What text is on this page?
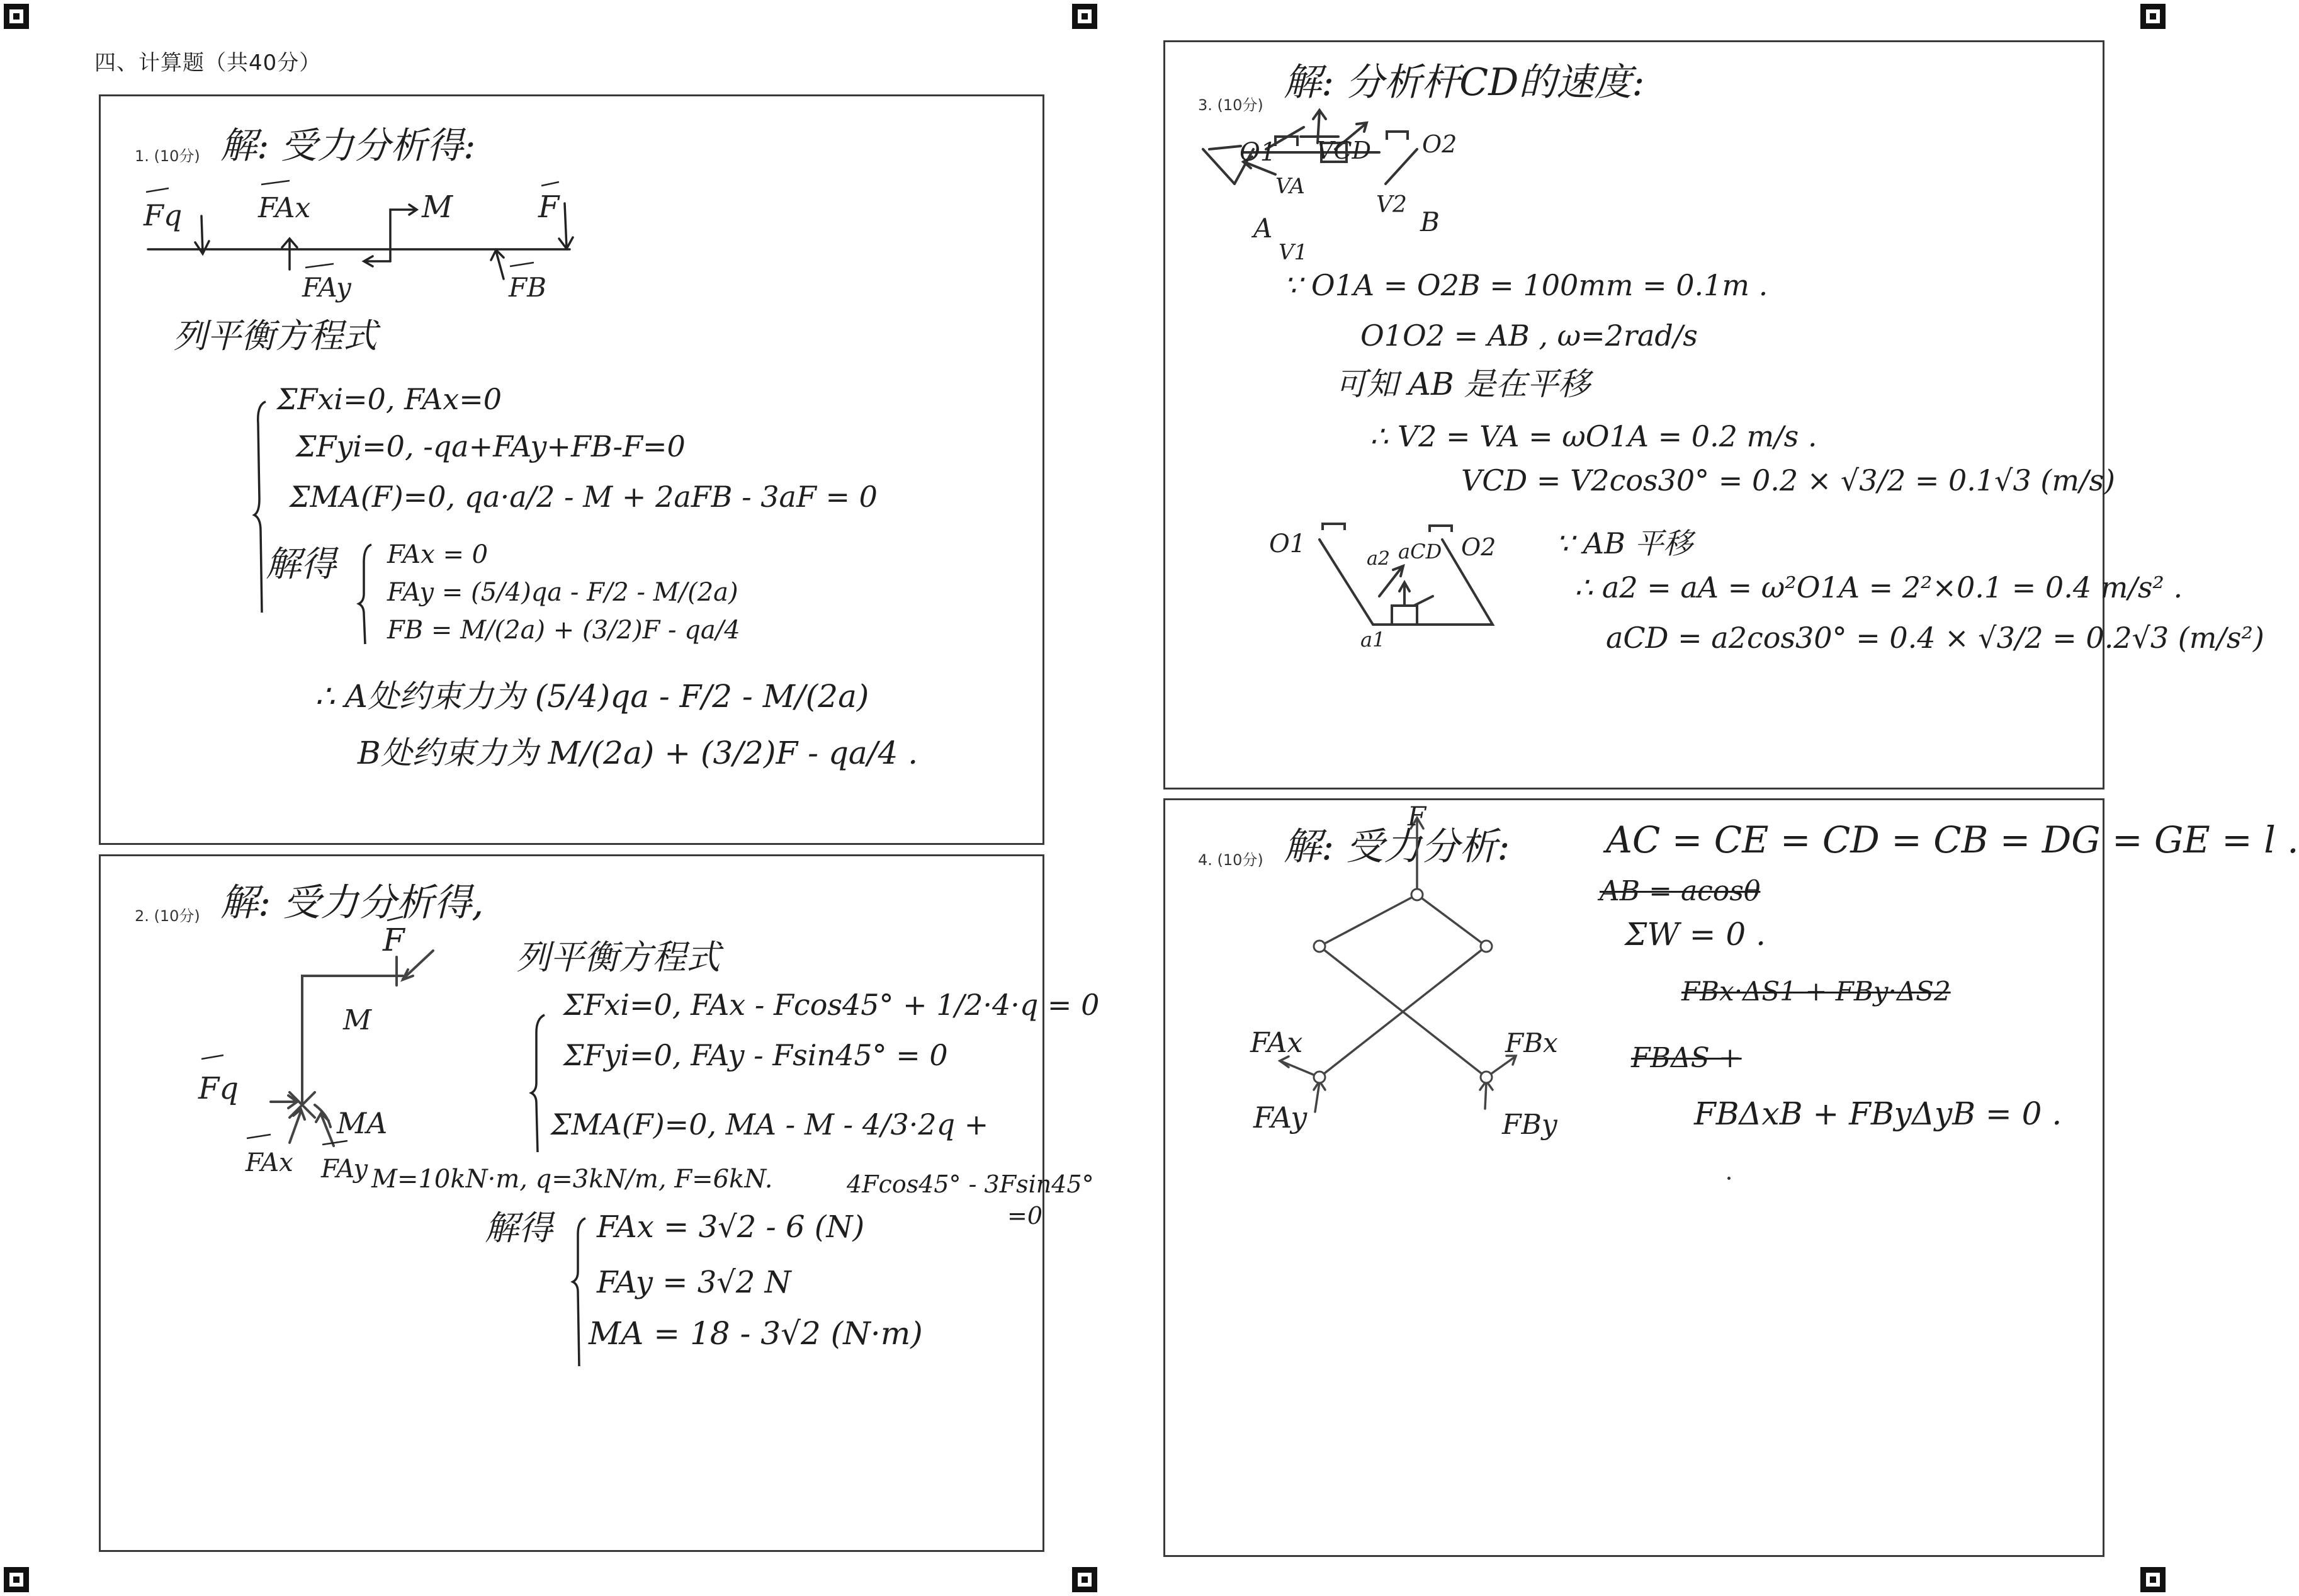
四、计算题（共40分）
1. (10分) 解: 受力分析得:
Fq	FAx	M	F
FAy	FB
列平衡方程式
ΣFxi=0, FAx=0
ΣFyi=0, -qa+FAy+FB-F=0
ΣMA(F)=0, qa·a/2 - M + 2aFB - 3aF = 0
解得 FAx = 0
FAy = (5/4)qa - F/2 - M/(2a)
FB = M/(2a) + (3/2)F - qa/4
∴ A处约束力为 (5/4)qa - F/2 - M/(2a)
B处约束力为 M/(2a) + (3/2)F - qa/4 .
2. (10分) 解: 受力分析得,
F
M
Fq
MA
FAx FAy
列平衡方程式
ΣFxi=0, FAx - Fcos45° + 1/2·4·q = 0
ΣFyi=0, FAy - Fsin45° = 0
ΣMA(F)=0, MA - M - 4/3·2q +
4Fcos45° - 3Fsin45°
=0
M=10kN·m, q=3kN/m, F=6kN.
解得 FAx = 3√2 - 6 (N)
FAy = 3√2 N
MA = 18 - 3√2 (N·m)
3. (10分)
解: 分析杆CD的速度:
O1 VCD O2
VA
V2
A	B
V1
∵ O1A = O2B = 100mm = 0.1m .
O1O2 = AB , ω=2rad/s
可知 AB 是在平移
∴ V2 = VA = ωO1A = 0.2 m/s .
VCD = V2cos30° = 0.2 × √3/2 = 0.1√3 (m/s)
O1	O2
a2 aCD
a1
∵ AB 平移
∴ a2 = aA = ω²O1A = 2²×0.1 = 0.4 m/s² .
aCD = a2cos30° = 0.4 × √3/2 = 0.2√3 (m/s²)
4. (10分) 解: 受力分析:
F
FAx
FAy
FBx
FBy
AC = CE = CD = CB = DG = GE = l .
AB = acosθ
ΣW = 0 .
FBx·ΔS1 + FBy·ΔS2
FBΔS +
FBΔxB + FByΔyB = 0 .
